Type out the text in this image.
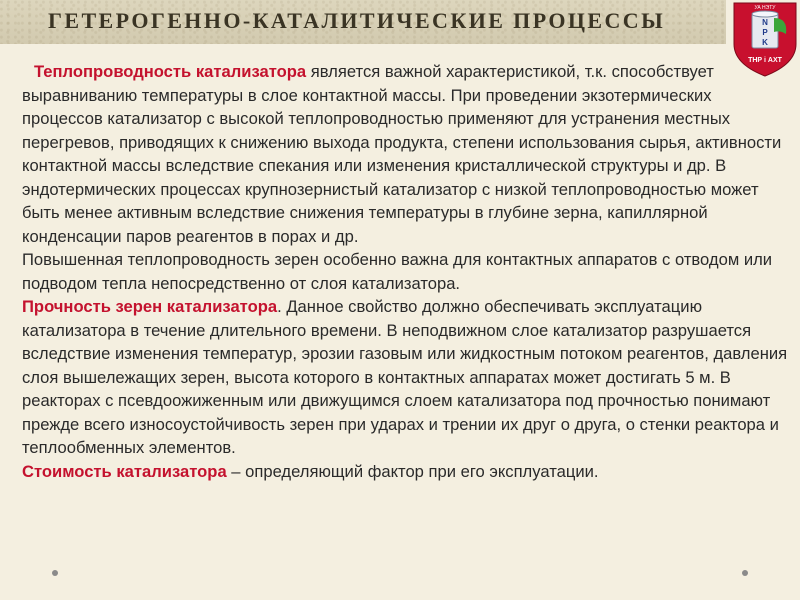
ГЕТЕРОГЕННО-КАТАЛИТИЧЕСКИЕ ПРОЦЕССЫ	УА НЭТУ
N
P
K
ТНР і АХТ

Теплопроводность катализатора является важной характеристикой, т.к. способствует выравниванию температуры в слое контактной массы. При проведении экзотермических процессов катализатор с высокой теплопроводностью применяют для устранения местных перегревов, приводящих к снижению выхода продукта, степени использования сырья, активности контактной массы вследствие спекания или изменения кристаллической структуры и др. В эндотермических процессах крупнозернистый катализатор с низкой теплопроводностью может быть менее активным вследствие снижения температуры в глубине зерна, капиллярной конденсации паров реагентов в порах и др.

Повышенная теплопроводность зерен особенно важна для контактных аппаратов с отводом или подводом тепла непосредственно от слоя катализатора.

Прочность зерен катализатора. Данное свойство должно обеспечивать эксплуатацию катализатора в течение длительного времени. В неподвижном слое катализатор разрушается вследствие изменения температур, эрозии газовым или жидкостным потоком реагентов, давления слоя вышележащих зерен, высота которого в контактных аппаратах может достигать 5 м. В реакторах с псевдоожиженным или движущимся слоем катализатора под прочностью понимают прежде всего износоустойчивость зерен при ударах и трении их друг о друга, о стенки реактора и теплообменных элементов.

Стоимость катализатора – определяющий фактор при его эксплуатации.
